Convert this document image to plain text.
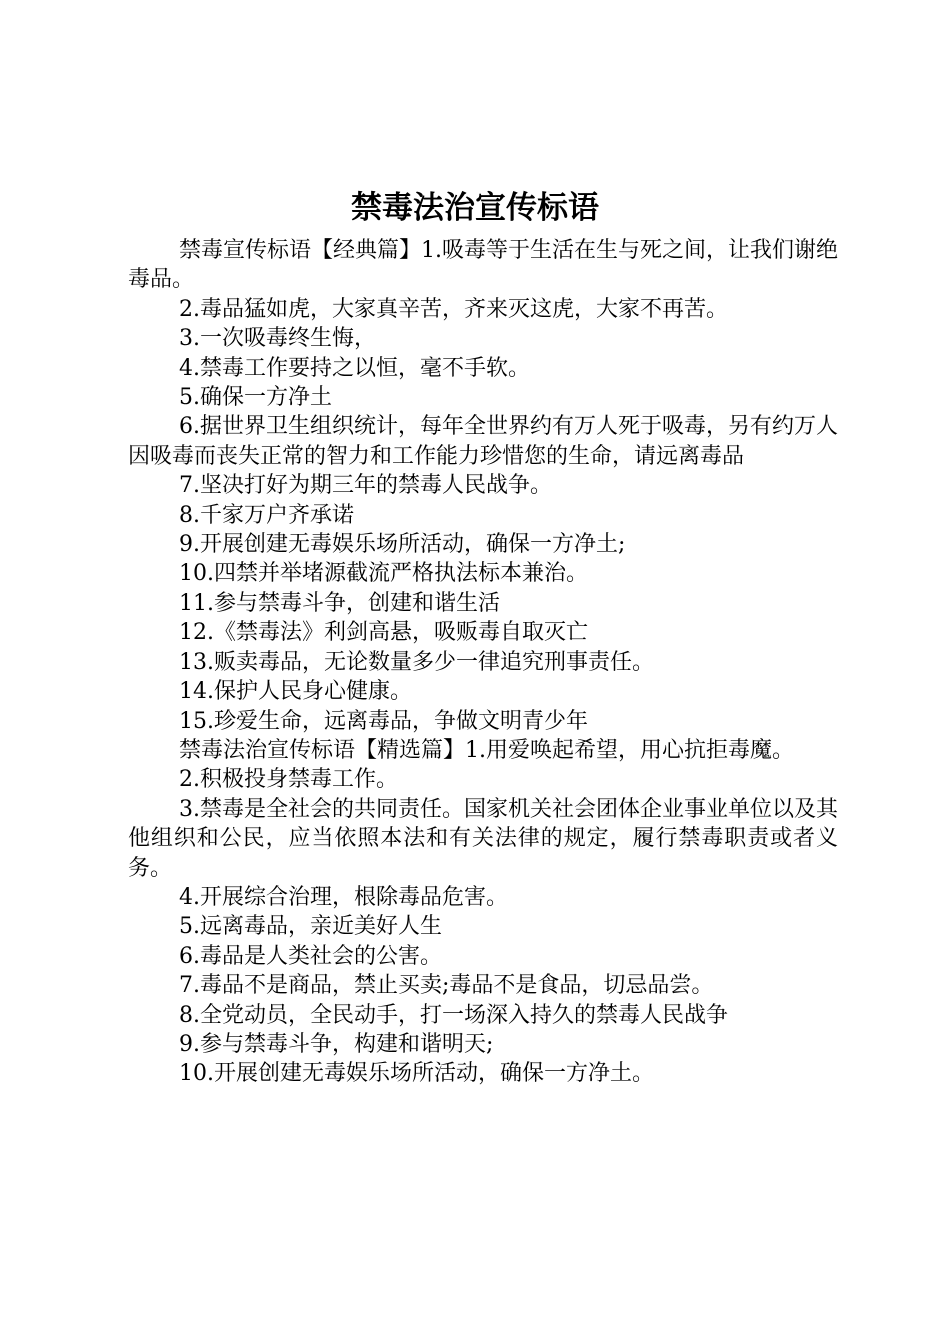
禁毒法治宣传标语

禁毒宣传标语【经典篇】1.吸毒等于生活在生与死之间，让我们谢绝毒品。

2.毒品猛如虎，大家真辛苦，齐来灭这虎，大家不再苦。

3.一次吸毒终生悔，

4.禁毒工作要持之以恒，毫不手软。

5.确保一方净土

6.据世界卫生组织统计，每年全世界约有万人死于吸毒，另有约万人因吸毒而丧失正常的智力和工作能力珍惜您的生命，请远离毒品

7.坚决打好为期三年的禁毒人民战争。

8.千家万户齐承诺

9.开展创建无毒娱乐场所活动，确保一方净土;

10.四禁并举堵源截流严格执法标本兼治。

11.参与禁毒斗争，创建和谐生活

12.《禁毒法》利剑高悬，吸贩毒自取灭亡

13.贩卖毒品，无论数量多少一律追究刑事责任。

14.保护人民身心健康。

15.珍爱生命，远离毒品，争做文明青少年

禁毒法治宣传标语【精选篇】1.用爱唤起希望，用心抗拒毒魔。

2.积极投身禁毒工作。

3.禁毒是全社会的共同责任。国家机关社会团体企业事业单位以及其他组织和公民，应当依照本法和有关法律的规定，履行禁毒职责或者义务。

4.开展综合治理，根除毒品危害。

5.远离毒品，亲近美好人生

6.毒品是人类社会的公害。

7.毒品不是商品，禁止买卖;毒品不是食品，切忌品尝。

8.全党动员，全民动手，打一场深入持久的禁毒人民战争

9.参与禁毒斗争，构建和谐明天;

10.开展创建无毒娱乐场所活动，确保一方净土。
